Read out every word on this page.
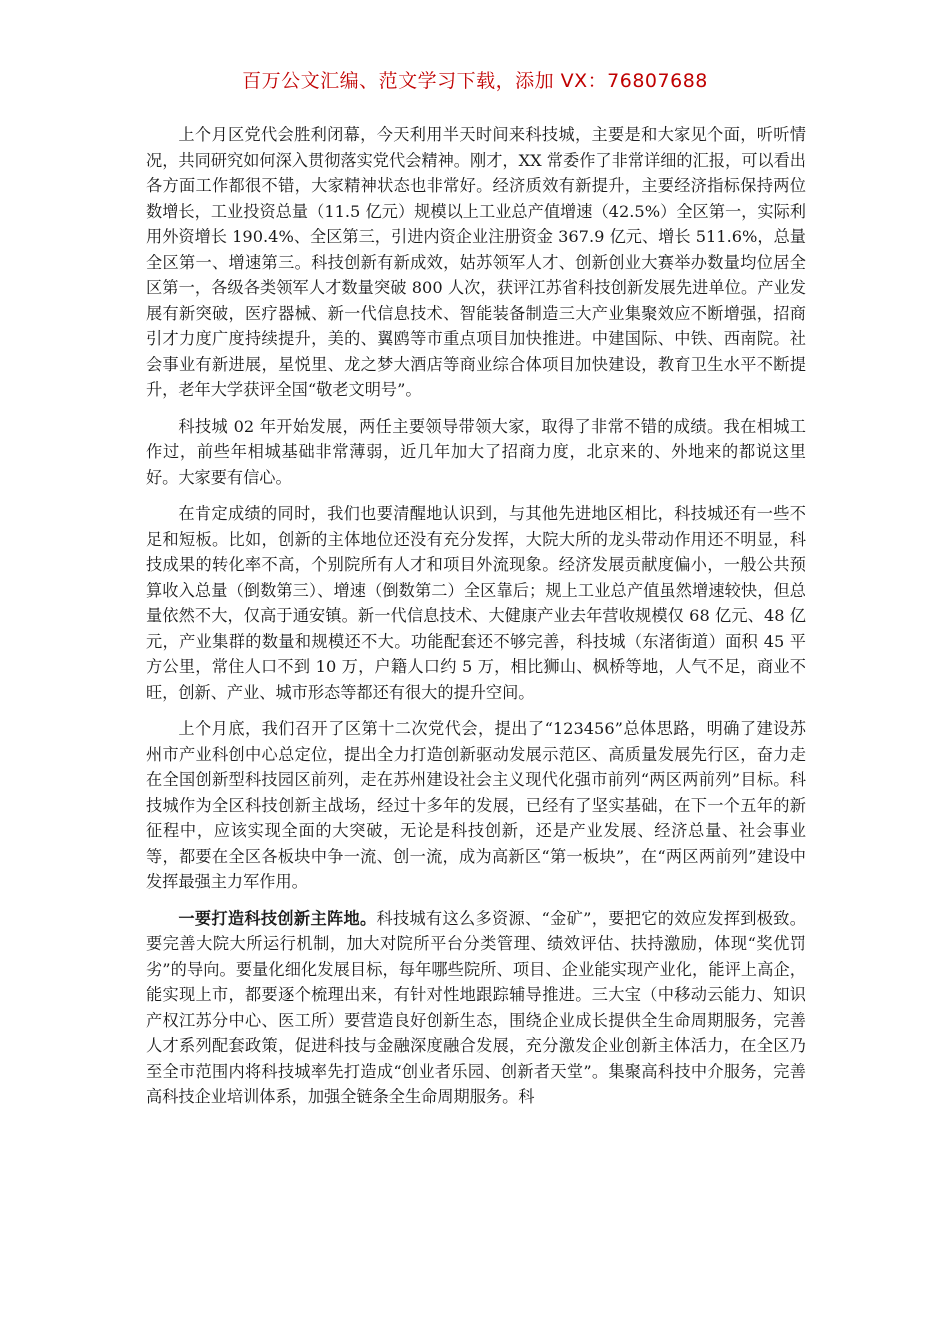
百万公文汇编、范文学习下载，添加 VX：76807688

上个月区党代会胜利闭幕，今天利用半天时间来科技城，主要是和大家见个面，听听情况，共同研究如何深入贯彻落实党代会精神。刚才，XX 常委作了非常详细的汇报，可以看出各方面工作都很不错，大家精神状态也非常好。经济质效有新提升，主要经济指标保持两位数增长，工业投资总量（11.5 亿元）规模以上工业总产值增速（42.5%）全区第一，实际利用外资增长 190.4%、全区第三，引进内资企业注册资金 367.9 亿元、增长 511.6%，总量全区第一、增速第三。科技创新有新成效，姑苏领军人才、创新创业大赛举办数量均位居全区第一，各级各类领军人才数量突破 800 人次，获评江苏省科技创新发展先进单位。产业发展有新突破，医疗器械、新一代信息技术、智能装备制造三大产业集聚效应不断增强，招商引才力度广度持续提升，美的、翼鸥等市重点项目加快推进。中建国际、中铁、西南院。社会事业有新进展，星悦里、龙之梦大酒店等商业综合体项目加快建设，教育卫生水平不断提升，老年大学获评全国“敬老文明号”。

科技城 02 年开始发展，两任主要领导带领大家，取得了非常不错的成绩。我在相城工作过，前些年相城基础非常薄弱，近几年加大了招商力度，北京来的、外地来的都说这里好。大家要有信心。

在肯定成绩的同时，我们也要清醒地认识到，与其他先进地区相比，科技城还有一些不足和短板。比如，创新的主体地位还没有充分发挥，大院大所的龙头带动作用还不明显，科技成果的转化率不高，个别院所有人才和项目外流现象。经济发展贡献度偏小，一般公共预算收入总量（倒数第三）、增速（倒数第二）全区靠后；规上工业总产值虽然增速较快，但总量依然不大，仅高于通安镇。新一代信息技术、大健康产业去年营收规模仅 68 亿元、48 亿元，产业集群的数量和规模还不大。功能配套还不够完善，科技城（东渚街道）面积 45 平方公里，常住人口不到 10 万，户籍人口约 5 万，相比狮山、枫桥等地，人气不足，商业不旺，创新、产业、城市形态等都还有很大的提升空间。

上个月底，我们召开了区第十二次党代会，提出了“123456”总体思路，明确了建设苏州市产业科创中心总定位，提出全力打造创新驱动发展示范区、高质量发展先行区，奋力走在全国创新型科技园区前列，走在苏州建设社会主义现代化强市前列“两区两前列”目标。科技城作为全区科技创新主战场，经过十多年的发展，已经有了坚实基础，在下一个五年的新征程中，应该实现全面的大突破，无论是科技创新，还是产业发展、经济总量、社会事业等，都要在全区各板块中争一流、创一流，成为高新区“第一板块”，在“两区两前列”建设中发挥最强主力军作用。

一要打造科技创新主阵地。科技城有这么多资源、“金矿”，要把它的效应发挥到极致。要完善大院大所运行机制，加大对院所平台分类管理、绩效评估、扶持激励，体现“奖优罚劣”的导向。要量化细化发展目标，每年哪些院所、项目、企业能实现产业化，能评上高企，能实现上市，都要逐个梳理出来，有针对性地跟踪辅导推进。三大宝（中移动云能力、知识产权江苏分中心、医工所）要营造良好创新生态，围绕企业成长提供全生命周期服务，完善人才系列配套政策，促进科技与金融深度融合发展，充分激发企业创新主体活力，在全区乃至全市范围内将科技城率先打造成“创业者乐园、创新者天堂”。集聚高科技中介服务，完善高科技企业培训体系，加强全链条全生命周期服务。科
